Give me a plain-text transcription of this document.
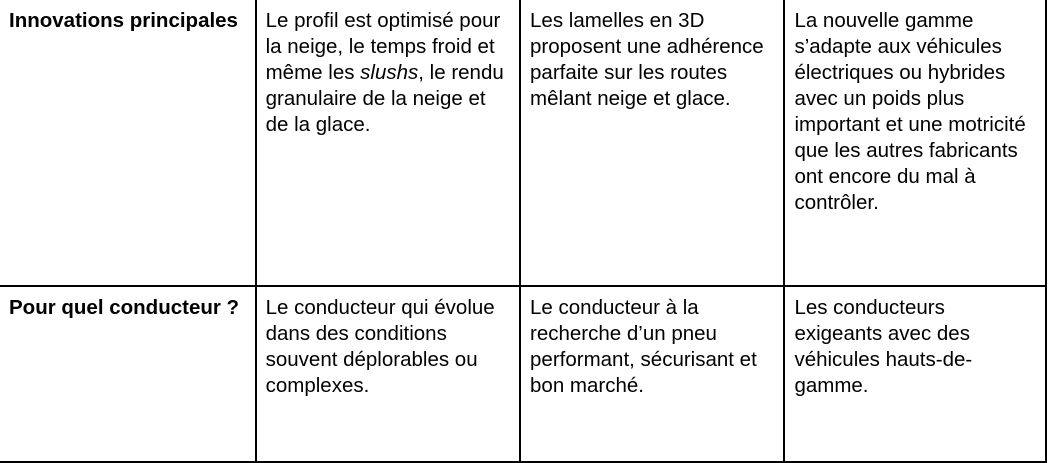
Innovations principales	Le profil est optimisé pour la neige, le temps froid et même les slushs, le rendu granulaire de la neige et de la glace.	Les lamelles en 3D proposent une adhérence parfaite sur les routes mêlant neige et glace.	La nouvelle gamme s’adapte aux véhicules électriques ou hybrides avec un poids plus important et une motricité que les autres fabricants ont encore du mal à contrôler.
Pour quel conducteur ?	Le conducteur qui évolue dans des conditions souvent déplorables ou complexes.	Le conducteur à la recherche d’un pneu performant, sécurisant et bon marché.	Les conducteurs exigeants avec des véhicules hauts-de-gamme.
